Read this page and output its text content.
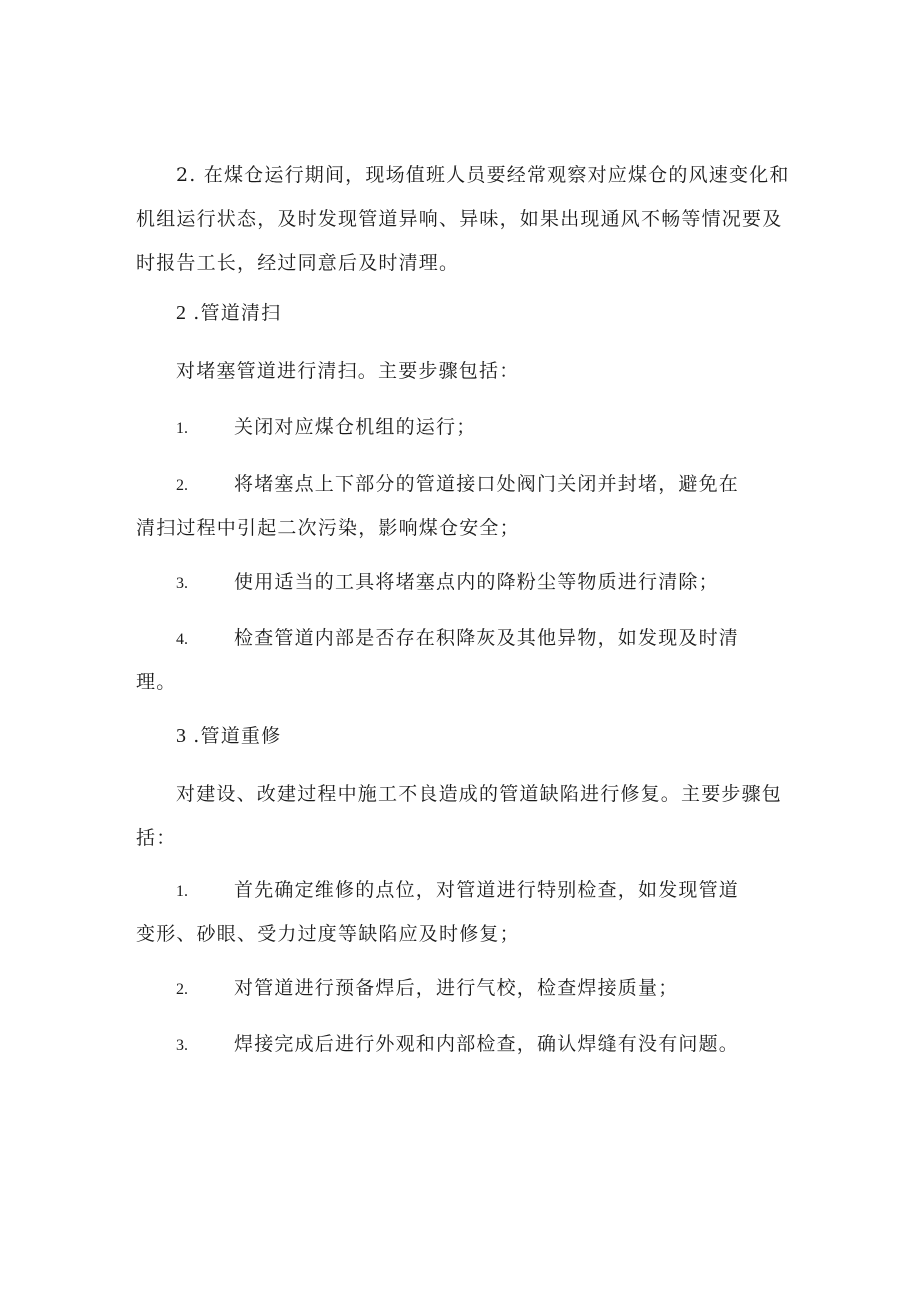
2. 在煤仓运行期间，现场值班人员要经常观察对应煤仓的风速变化和
机组运行状态，及时发现管道异响、异味，如果出现通风不畅等情况要及
时报告工长，经过同意后及时清理。
2 .管道清扫
对堵塞管道进行清扫。主要步骤包括：
1. 关闭对应煤仓机组的运行；
2. 将堵塞点上下部分的管道接口处阀门关闭并封堵，避免在
清扫过程中引起二次污染，影响煤仓安全；
3. 使用适当的工具将堵塞点内的降粉尘等物质进行清除；
4. 检查管道内部是否存在积降灰及其他异物，如发现及时清
理。
3 .管道重修
对建设、改建过程中施工不良造成的管道缺陷进行修复。主要步骤包
括：
1. 首先确定维修的点位，对管道进行特别检查，如发现管道
变形、砂眼、受力过度等缺陷应及时修复；
2. 对管道进行预备焊后，进行气校，检查焊接质量；
3. 焊接完成后进行外观和内部检查，确认焊缝有没有问题。
